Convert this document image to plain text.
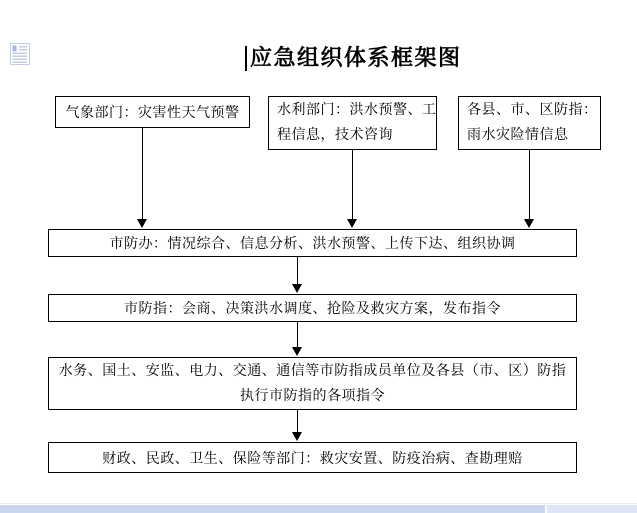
应急组织体系框架图
气象部门：灾害性天气预警	水利部门：洪水预警、工
程信息，技术咨询
各县、市、区防指：
雨水灾险情信息
市防办：情况综合、信息分析、洪水预警、上传下达、组织协调
市防指：会商、决策洪水调度、抢险及救灾方案，发布指令
水务、国土、安监、电力、交通、通信等市防指成员单位及各县（市、区）防指
执行市防指的各项指令
财政、民政、卫生、保险等部门：救灾安置、防疫治病、查勘理赔
